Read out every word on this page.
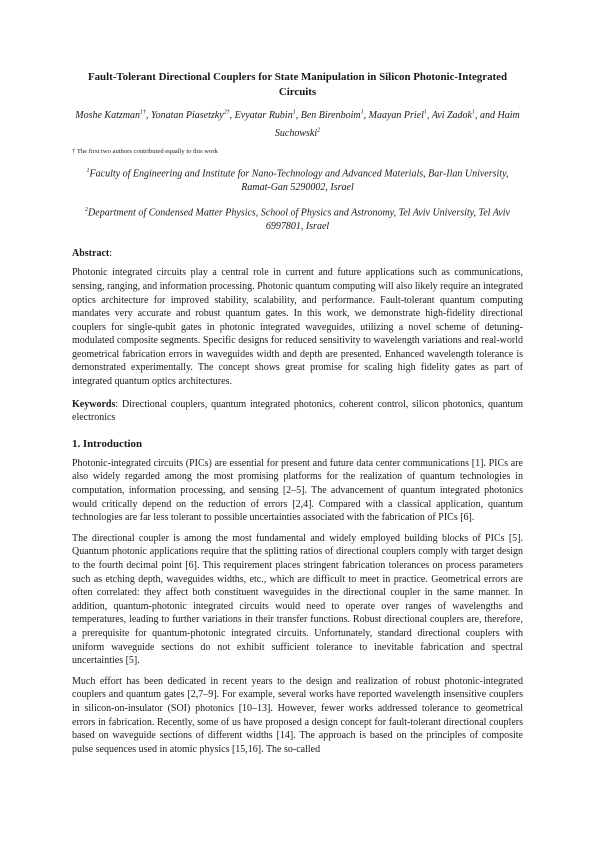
Fault-Tolerant Directional Couplers for State Manipulation in Silicon Photonic-Integrated Circuits
Moshe Katzman$^{1\dagger}$, Yonatan Piasetzky$^{2\dagger}$, Evyatar Rubin$^1$, Ben Birenboim$^1$, Maayan Priel$^1$, Avi Zadok$^1$, and Haim Suchowski$^2$
† The first two authors contributed equally to this work
$^1$Faculty of Engineering and Institute for Nano-Technology and Advanced Materials, Bar-Ilan University, Ramat-Gan 5290002, Israel
$^2$Department of Condensed Matter Physics, School of Physics and Astronomy, Tel Aviv University, Tel Aviv 6997801, Israel
Abstract:

Photonic integrated circuits play a central role in current and future applications such as communications, sensing, ranging, and information processing. Photonic quantum computing will also likely require an integrated optics architecture for improved stability, scalability, and performance. Fault-tolerant quantum computing mandates very accurate and robust quantum gates. In this work, we demonstrate high-fidelity directional couplers for single-qubit gates in photonic integrated waveguides, utilizing a novel scheme of detuning-modulated composite segments. Specific designs for reduced sensitivity to wavelength variations and real-world geometrical fabrication errors in waveguides width and depth are presented. Enhanced wavelength tolerance is demonstrated experimentally. The concept shows great promise for scaling high fidelity gates as part of integrated quantum optics architectures.

Keywords: Directional couplers, quantum integrated photonics, coherent control, silicon photonics, quantum electronics
1. Introduction

Photonic-integrated circuits (PICs) are essential for present and future data center communications [1]. PICs are also widely regarded among the most promising platforms for the realization of quantum technologies in computation, information processing, and sensing [2–5]. The advancement of quantum integrated photonics would critically depend on the reduction of errors [2,4]. Compared with a classical application, quantum technologies are far less tolerant to possible uncertainties associated with the fabrication of PICs [6].

The directional coupler is among the most fundamental and widely employed building blocks of PICs [5]. Quantum photonic applications require that the splitting ratios of directional couplers comply with target design to the fourth decimal point [6]. This requirement places stringent fabrication tolerances on process parameters such as etching depth, waveguides widths, etc., which are difficult to meet in practice. Geometrical errors are often correlated: they affect both constituent waveguides in the directional coupler in the same manner. In addition, quantum-photonic integrated circuits would need to operate over ranges of wavelengths and temperatures, leading to further variations in their transfer functions. Robust directional couplers are, therefore, a prerequisite for quantum-photonic integrated circuits. Unfortunately, standard directional couplers with uniform waveguide sections do not exhibit sufficient tolerance to inevitable fabrication and spectral uncertainties [5].

Much effort has been dedicated in recent years to the design and realization of robust photonic-integrated couplers and quantum gates [2,7–9]. For example, several works have reported wavelength insensitive couplers in silicon-on-insulator (SOI) photonics [10–13]. However, fewer works addressed tolerance to geometrical errors in fabrication. Recently, some of us have proposed a design concept for fault-tolerant directional couplers based on waveguide sections of different widths [14]. The approach is based on the principles of composite pulse sequences used in atomic physics [15,16]. The so-called
